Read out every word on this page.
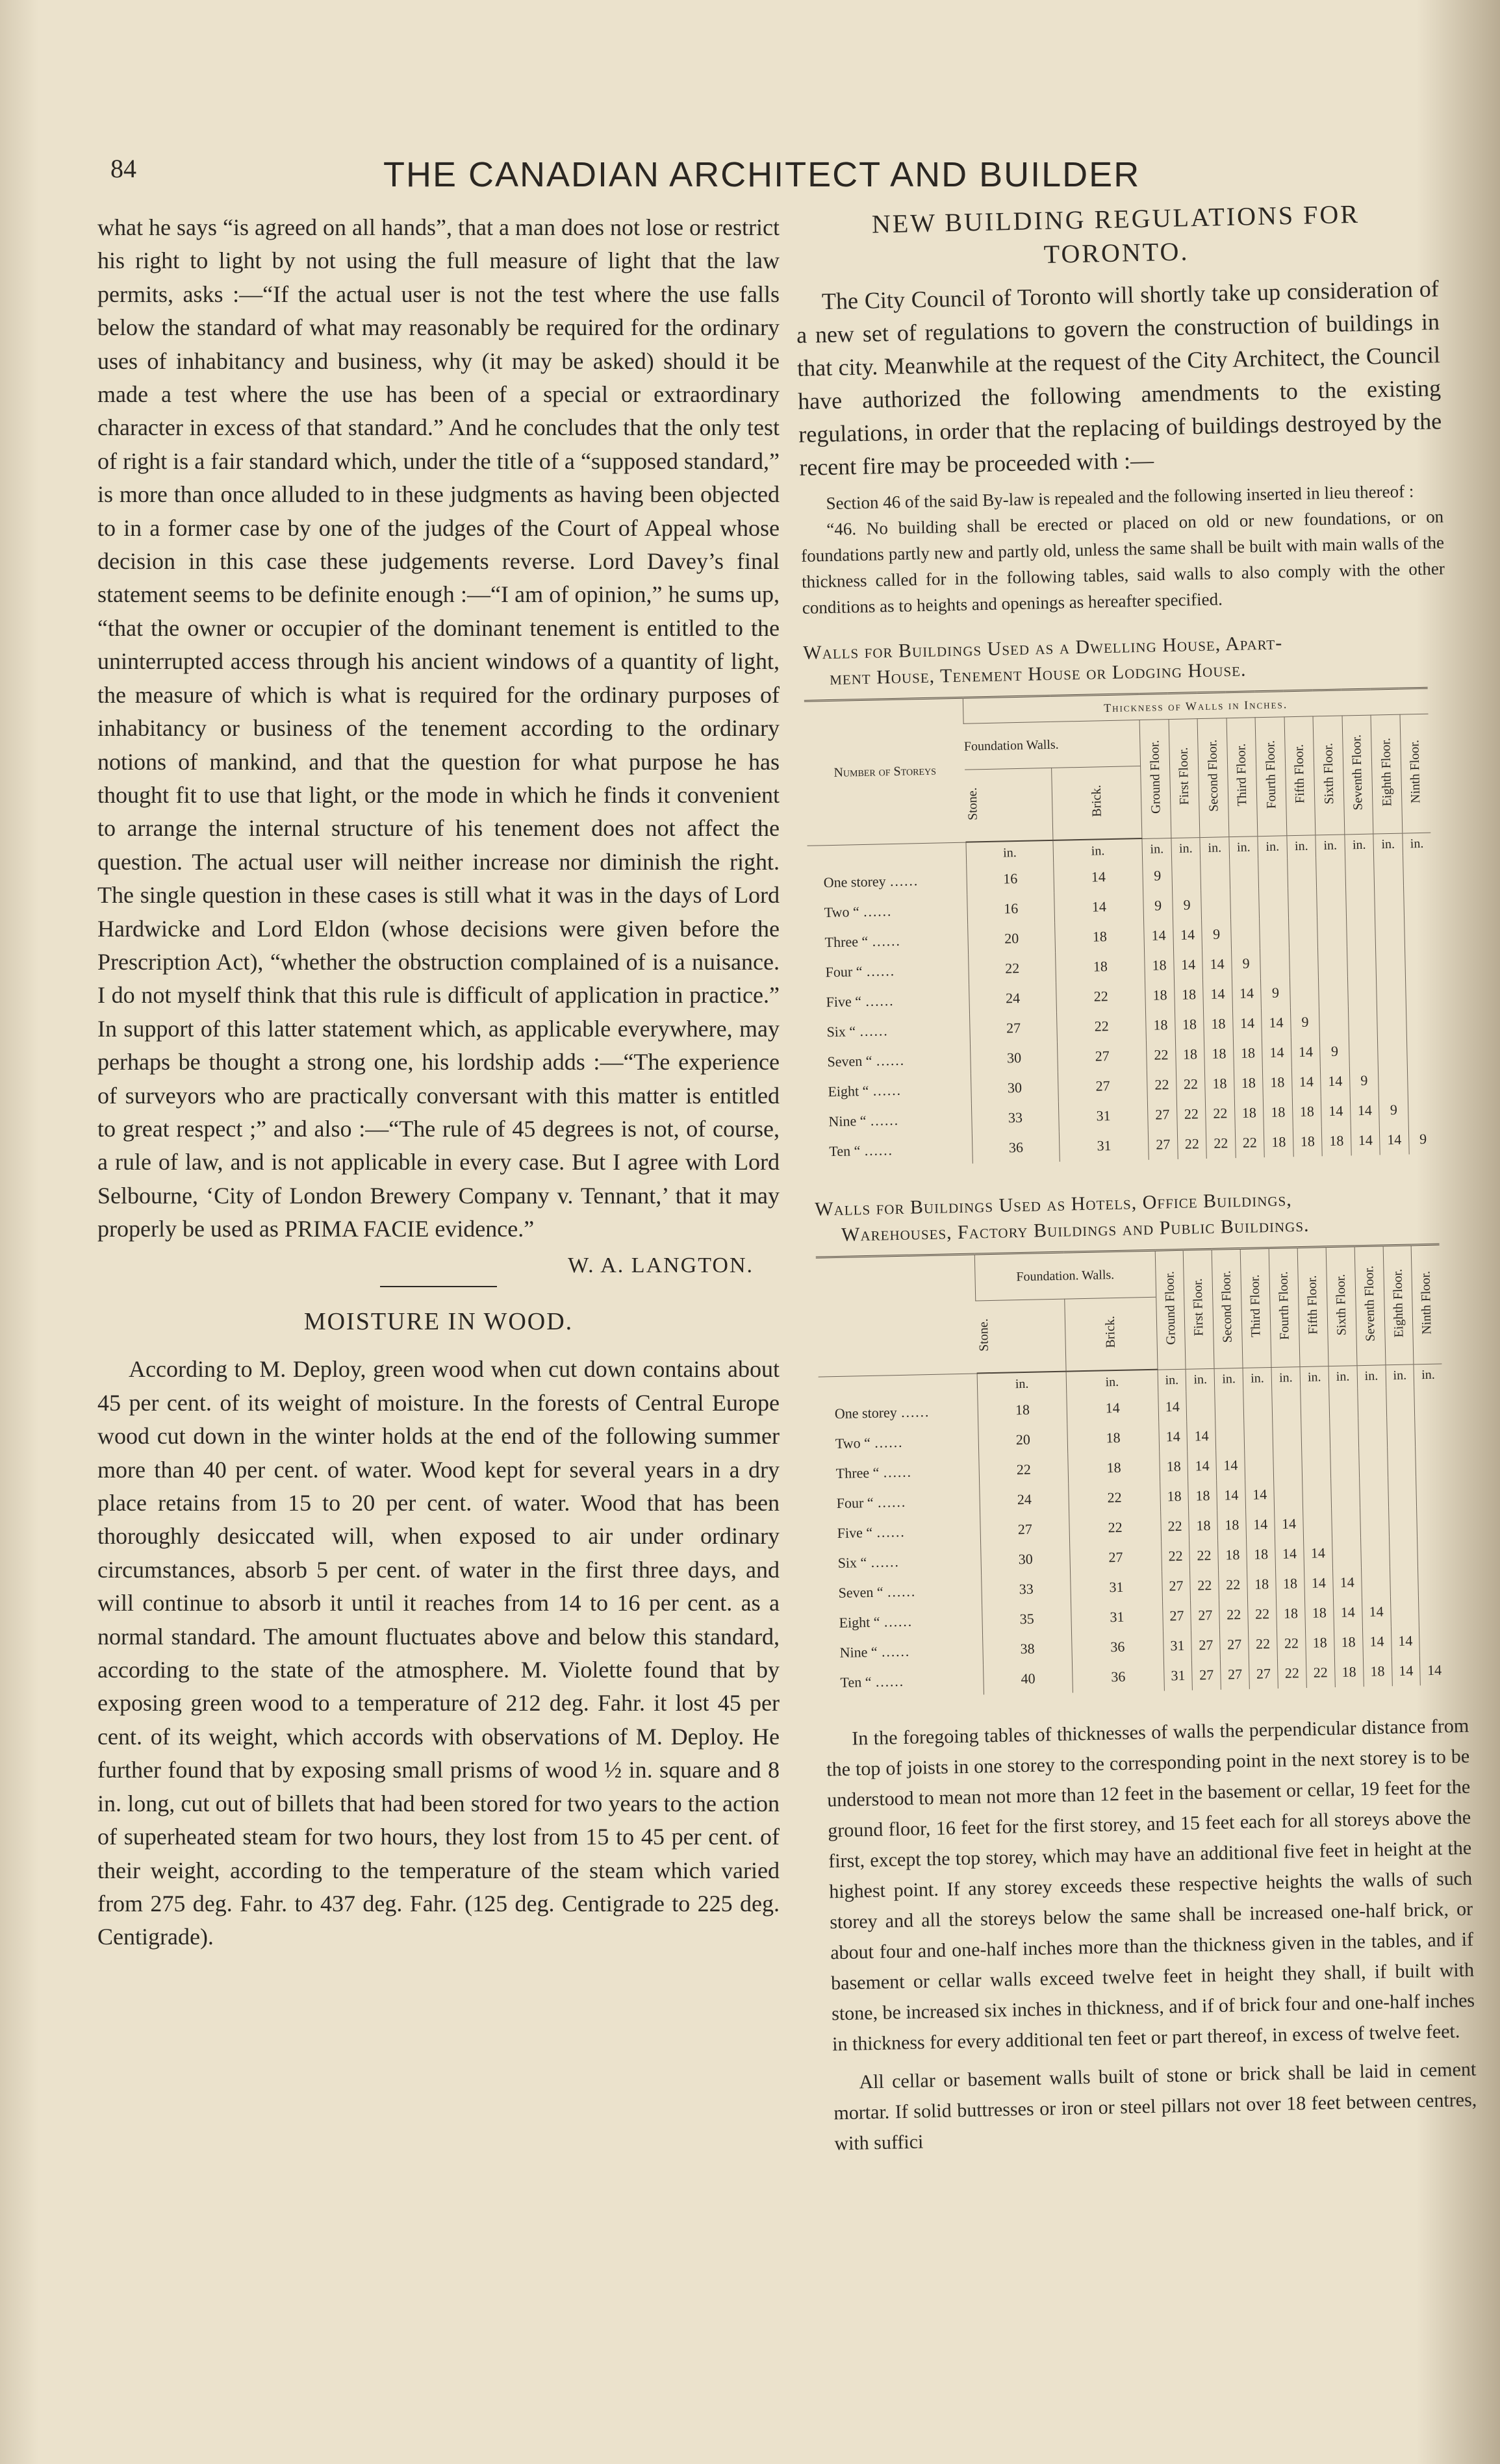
84	THE CANADIAN ARCHITECT AND BUILDER

what he says “is agreed on all hands”, that a man does not lose or restrict his right to light by not using the full measure of light that the law permits, asks :—“If the actual user is not the test where the use falls below the standard of what may reasonably be required for the ordinary uses of inhabitancy and business, why (it may be asked) should it be made a test where the use has been of a special or extraordinary character in excess of that standard.” And he concludes that the only test of right is a fair standard which, under the title of a “supposed standard,” is more than once alluded to in these judgments as having been objected to in a former case by one of the judges of the Court of Appeal whose decision in this case these judgements reverse. Lord Davey’s final statement seems to be definite enough :—“I am of opinion,” he sums up, “that the owner or occupier of the dominant tenement is entitled to the uninterrupted access through his ancient windows of a quantity of light, the measure of which is what is required for the ordinary purposes of inhabitancy or business of the tenement according to the ordinary notions of mankind, and that the question for what purpose he has thought fit to use that light, or the mode in which he finds it convenient to arrange the internal structure of his tenement does not affect the question. The actual user will neither increase nor diminish the right. The single question in these cases is still what it was in the days of Lord Hardwicke and Lord Eldon (whose decisions were given before the Prescription Act), “whether the obstruction complained of is a nuisance. I do not myself think that this rule is difficult of application in practice.” In support of this latter statement which, as applicable everywhere, may perhaps be thought a strong one, his lordship adds :—“The experience of surveyors who are practically conversant with this matter is entitled to great respect ;” and also :—“The rule of 45 degrees is not, of course, a rule of law, and is not applicable in every case. But I agree with Lord Selbourne, ‘City of London Brewery Company v. Tennant,’ that it may properly be used as PRIMA FACIE evidence.”

W. A. LANGTON.

MOISTURE IN WOOD.

According to M. Deploy, green wood when cut down contains about 45 per cent. of its weight of moisture. In the forests of Central Europe wood cut down in the winter holds at the end of the following summer more than 40 per cent. of water. Wood kept for several years in a dry place retains from 15 to 20 per cent. of water. Wood that has been thoroughly desiccated will, when exposed to air under ordinary circumstances, absorb 5 per cent. of water in the first three days, and will continue to absorb it until it reaches from 14 to 16 per cent. as a normal standard. The amount fluctuates above and below this standard, according to the state of the atmosphere. M. Violette found that by exposing green wood to a temperature of 212 deg. Fahr. it lost 45 per cent. of its weight, which accords with observations of M. Deploy. He further found that by exposing small prisms of wood ½ in. square and 8 in. long, cut out of billets that had been stored for two years to the action of superheated steam for two hours, they lost from 15 to 45 per cent. of their weight, according to the temperature of the steam which varied from 275 deg. Fahr. to 437 deg. Fahr. (125 deg. Centigrade to 225 deg. Centigrade).

NEW BUILDING REGULATIONS FOR
TORONTO.

The City Council of Toronto will shortly take up consideration of a new set of regulations to govern the construction of buildings in that city. Meanwhile at the request of the City Architect, the Council have authorized the following amendments to the existing regulations, in order that the replacing of buildings destroyed by the recent fire may be proceeded with :—

Section 46 of the said By-law is repealed and the following inserted in lieu thereof :

“46. No building shall be erected or placed on old or new foundations, or on foundations partly new and partly old, unless the same shall be built with main walls of the thickness called for in the following tables, said walls to also comply with the other conditions as to heights and openings as hereafter specified.

Walls for Buildings Used as a Dwelling House, Apart-
ment House, Tenement House or Lodging House.

Number of Storeys	Thickness of Walls in Inches.											
	Foundation Walls.		Ground Floor.	First Floor.	Second Floor.	Third Floor.	Fourth Floor.	Fifth Floor.	Sixth Floor.	Seventh Floor.	Eighth Floor.	Ninth Floor.
	Stone.	Brick.										
	in.	in.	in.	in.	in.	in.	in.	in.	in.	in.	in.	in.
One storey ……	16	14	9									
Two “ ……	16	14	9	9								
Three “ ……	20	18	14	14	9							
Four “ ……	22	18	18	14	14	9						
Five “ ……	24	22	18	18	14	14	9					
Six “ ……	27	22	18	18	18	14	14	9				
Seven “ ……	30	27	22	18	18	18	14	14	9			
Eight “ ……	30	27	22	22	18	18	18	14	14	9		
Nine “ ……	33	31	27	22	22	18	18	18	14	14	9	
Ten “ ……	36	31	27	22	22	22	18	18	18	14	14	9

Walls for Buildings Used as Hotels, Office Buildings,
Warehouses, Factory Buildings and Public Buildings.

	Foundation. Walls.		Ground Floor.	First Floor.	Second Floor.	Third Floor.	Fourth Floor.	Fifth Floor.	Sixth Floor.	Seventh Floor.	Eighth Floor.	Ninth Floor.
	Stone.	Brick.										
	in.	in.	in.	in.	in.	in.	in.	in.	in.	in.	in.	in.
One storey ……	18	14	14									
Two “ ……	20	18	14	14								
Three “ ……	22	18	18	14	14							
Four “ ……	24	22	18	18	14	14						
Five “ ……	27	22	22	18	18	14	14					
Six “ ……	30	27	22	22	18	18	14	14				
Seven “ ……	33	31	27	22	22	18	18	14	14			
Eight “ ……	35	31	27	27	22	22	18	18	14	14		
Nine “ ……	38	36	31	27	27	22	22	18	18	14	14	
Ten “ ……	40	36	31	27	27	27	22	22	18	18	14	14

In the foregoing tables of thicknesses of walls the perpendicular distance from the top of joists in one storey to the corresponding point in the next storey is to be understood to mean not more than 12 feet in the basement or cellar, 19 feet for the ground floor, 16 feet for the first storey, and 15 feet each for all storeys above the first, except the top storey, which may have an additional five feet in height at the highest point. If any storey exceeds these respective heights the walls of such storey and all the storeys below the same shall be increased one-half brick, or about four and one-half inches more than the thickness given in the tables, and if basement or cellar walls exceed twelve feet in height they shall, if built with stone, be increased six inches in thickness, and if of brick four and one-half inches in thickness for every additional ten feet or part thereof, in excess of twelve feet.

All cellar or basement walls built of stone or brick shall be laid in cement mortar. If solid buttresses or iron or steel pillars not over 18 feet between centres, with suffici
